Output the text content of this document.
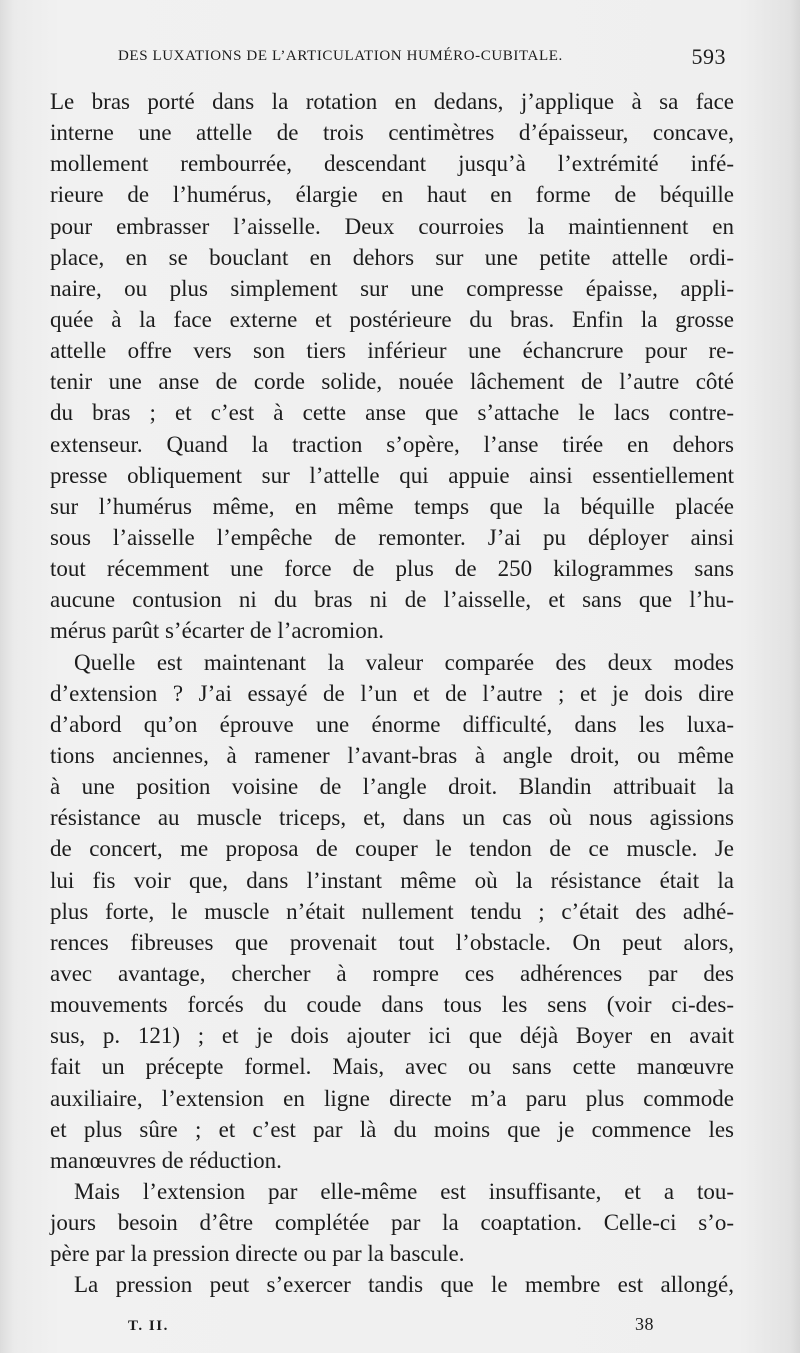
DES LUXATIONS DE L’ARTICULATION HUMÉRO-CUBITALE.	593
Le bras porté dans la rotation en dedans, j’applique à sa face
interne une attelle de trois centimètres d’épaisseur, concave,
mollement rembourrée, descendant jusqu’à l’extrémité infé-
rieure de l’humérus, élargie en haut en forme de béquille
pour embrasser l’aisselle. Deux courroies la maintiennent en
place, en se bouclant en dehors sur une petite attelle ordi-
naire, ou plus simplement sur une compresse épaisse, appli-
quée à la face externe et postérieure du bras. Enfin la grosse
attelle offre vers son tiers inférieur une échancrure pour re-
tenir une anse de corde solide, nouée lâchement de l’autre côté
du bras ; et c’est à cette anse que s’attache le lacs contre-
extenseur. Quand la traction s’opère, l’anse tirée en dehors
presse obliquement sur l’attelle qui appuie ainsi essentiellement
sur l’humérus même, en même temps que la béquille placée
sous l’aisselle l’empêche de remonter. J’ai pu déployer ainsi
tout récemment une force de plus de 250 kilogrammes sans
aucune contusion ni du bras ni de l’aisselle, et sans que l’hu-
mérus parût s’écarter de l’acromion.
Quelle est maintenant la valeur comparée des deux modes
d’extension ? J’ai essayé de l’un et de l’autre ; et je dois dire
d’abord qu’on éprouve une énorme difficulté, dans les luxa-
tions anciennes, à ramener l’avant-bras à angle droit, ou même
à une position voisine de l’angle droit. Blandin attribuait la
résistance au muscle triceps, et, dans un cas où nous agissions
de concert, me proposa de couper le tendon de ce muscle. Je
lui fis voir que, dans l’instant même où la résistance était la
plus forte, le muscle n’était nullement tendu ; c’était des adhé-
rences fibreuses que provenait tout l’obstacle. On peut alors,
avec avantage, chercher à rompre ces adhérences par des
mouvements forcés du coude dans tous les sens (voir ci-des-
sus, p. 121) ; et je dois ajouter ici que déjà Boyer en avait
fait un précepte formel. Mais, avec ou sans cette manœuvre
auxiliaire, l’extension en ligne directe m’a paru plus commode
et plus sûre ; et c’est par là du moins que je commence les
manœuvres de réduction.
Mais l’extension par elle-même est insuffisante, et a tou-
jours besoin d’être complétée par la coaptation. Celle-ci s’o-
père par la pression directe ou par la bascule.
La pression peut s’exercer tandis que le membre est allongé,
T. II.	38
